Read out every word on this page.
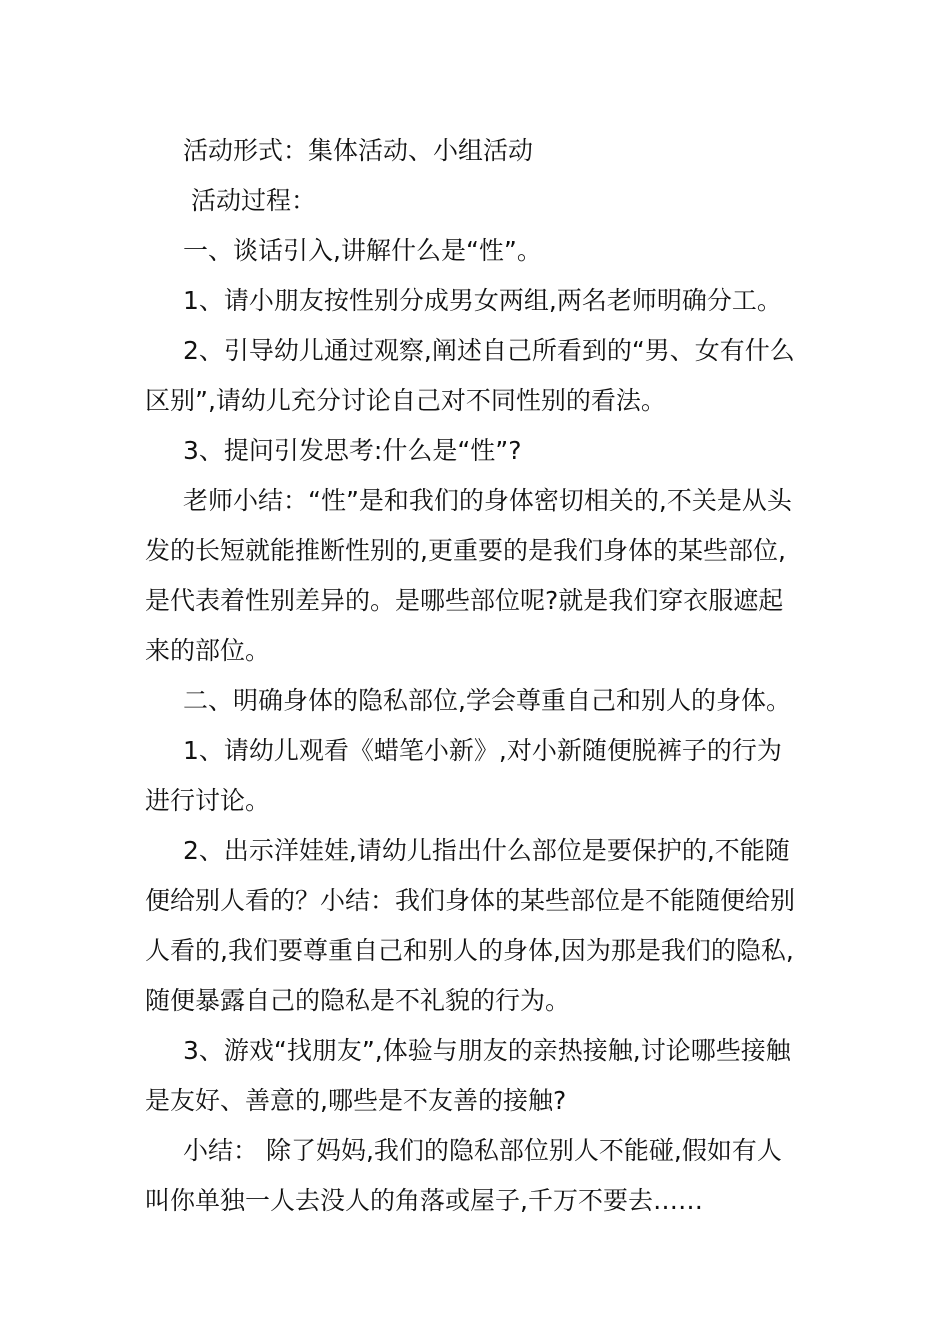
活动形式：集体活动、小组活动

活动过程：

一、谈话引入,讲解什么是“性”。

1、请小朋友按性别分成男女两组,两名老师明确分工。

2、引导幼儿通过观察,阐述自己所看到的“男、女有什么区别”,请幼儿充分讨论自己对不同性别的看法。

3、提问引发思考:什么是“性”?

老师小结：“性”是和我们的身体密切相关的,不关是从头发的长短就能推断性别的,更重要的是我们身体的某些部位,是代表着性别差异的。是哪些部位呢?就是我们穿衣服遮起来的部位。

二、明确身体的隐私部位,学会尊重自己和别人的身体。

1、请幼儿观看《蜡笔小新》,对小新随便脱裤子的行为进行讨论。

2、出示洋娃娃,请幼儿指出什么部位是要保护的,不能随便给别人看的？小结：我们身体的某些部位是不能随便给别人看的,我们要尊重自己和别人的身体,因为那是我们的隐私,随便暴露自己的隐私是不礼貌的行为。

3、游戏“找朋友”,体验与朋友的亲热接触,讨论哪些接触是友好、善意的,哪些是不友善的接触?

小结： 除了妈妈,我们的隐私部位别人不能碰,假如有人叫你单独一人去没人的角落或屋子,千万不要去……
